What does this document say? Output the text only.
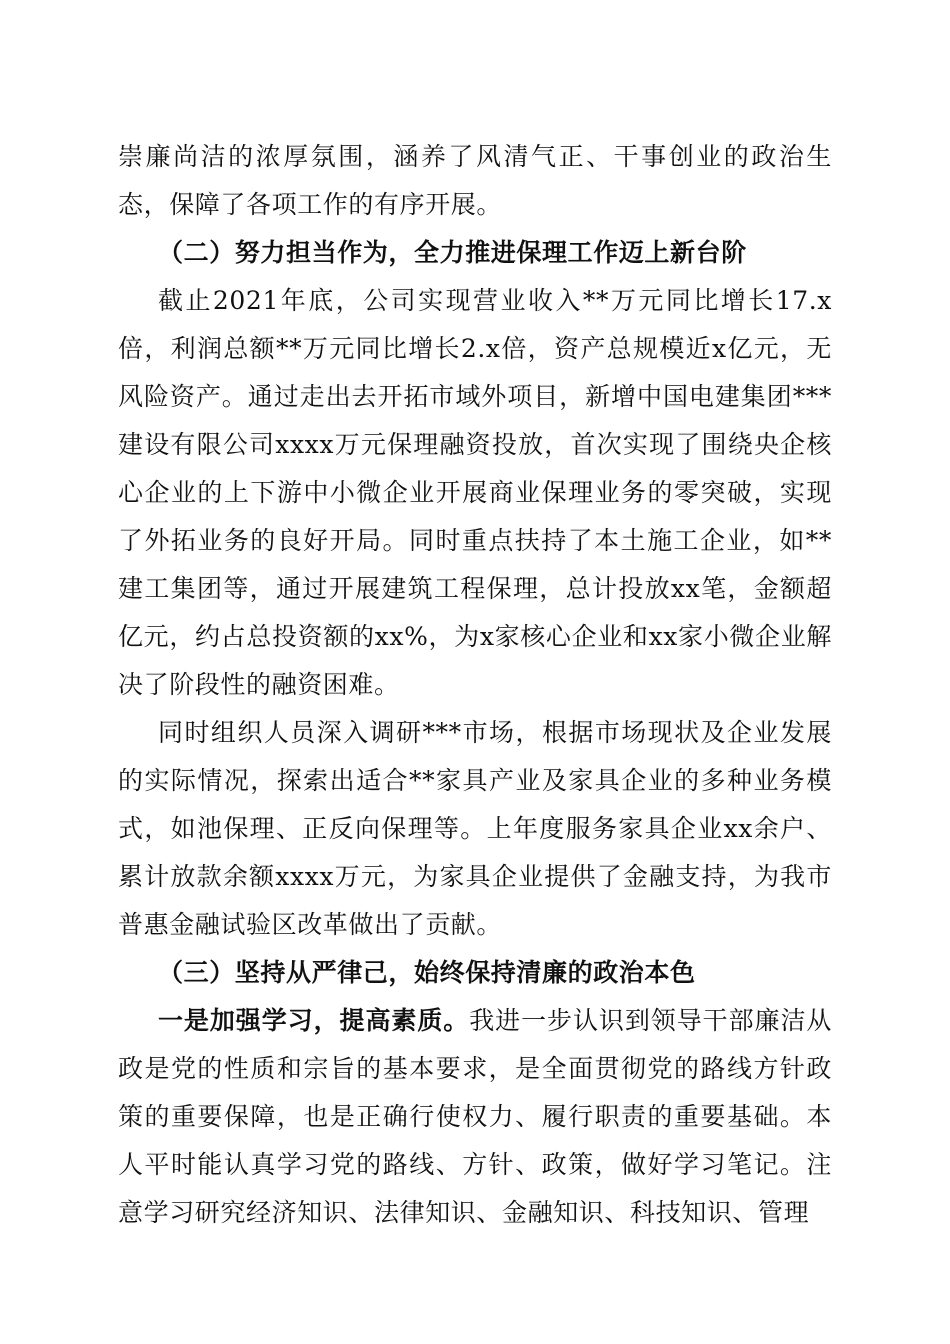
崇廉尚洁的浓厚氛围，涵养了风清气正、干事创业的政治生态，保障了各项工作的有序开展。

（二）努力担当作为，全力推进保理工作迈上新台阶

截止2021年底，公司实现营业收入**万元同比增长17.x倍，利润总额**万元同比增长2.x倍，资产总规模近x亿元，无风险资产。通过走出去开拓市域外项目，新增中国电建集团***建设有限公司xxxx万元保理融资投放，首次实现了围绕央企核心企业的上下游中小微企业开展商业保理业务的零突破，实现了外拓业务的良好开局。同时重点扶持了本土施工企业，如**建工集团等，通过开展建筑工程保理，总计投放xx笔，金额超亿元，约占总投资额的xx%，为x家核心企业和xx家小微企业解决了阶段性的融资困难。

同时组织人员深入调研***市场，根据市场现状及企业发展的实际情况，探索出适合**家具产业及家具企业的多种业务模式，如池保理、正反向保理等。上年度服务家具企业xx余户、累计放款余额xxxx万元，为家具企业提供了金融支持，为我市普惠金融试验区改革做出了贡献。

（三）坚持从严律己，始终保持清廉的政治本色

一是加强学习，提高素质。我进一步认识到领导干部廉洁从政是党的性质和宗旨的基本要求，是全面贯彻党的路线方针政策的重要保障，也是正确行使权力、履行职责的重要基础。本人平时能认真学习党的路线、方针、政策，做好学习笔记。注意学习研究经济知识、法律知识、金融知识、科技知识、管理
